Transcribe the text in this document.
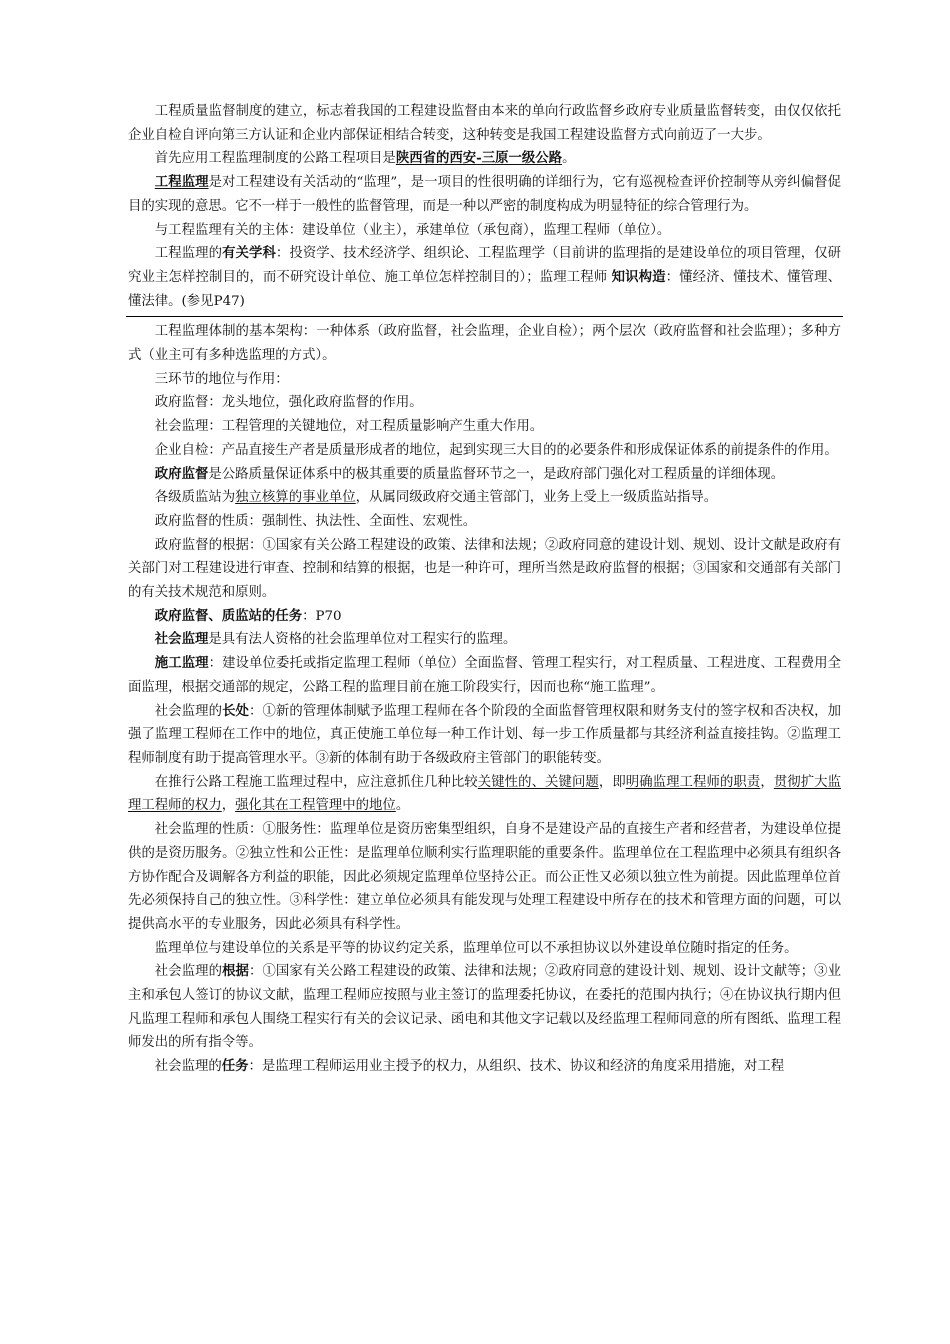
工程质量监督制度的建立，标志着我国的工程建设监督由本来的单向行政监督乡政府专业质量监督转变，由仅仅依托企业自检自评向第三方认证和企业内部保证相结合转变，这种转变是我国工程建设监督方式向前迈了一大步。

首先应用工程监理制度的公路工程项目是陕西省的西安-三原一级公路。

工程监理是对工程建设有关活动的“监理”，是一项目的性很明确的详细行为，它有巡视检查评价控制等从旁纠偏督促目的实现的意思。它不一样于一般性的监督管理，而是一种以严密的制度构成为明显特征的综合管理行为。

与工程监理有关的主体：建设单位（业主），承建单位（承包商），监理工程师（单位）。

工程监理的有关学科：投资学、技术经济学、组织论、工程监理学（目前讲的监理指的是建设单位的项目管理，仅研究业主怎样控制目的，而不研究设计单位、施工单位怎样控制目的）；监理工程师 知识构造：懂经济、懂技术、懂管理、懂法律。(参见P47)

工程监理体制的基本架构：一种体系（政府监督，社会监理，企业自检）；两个层次（政府监督和社会监理）；多种方式（业主可有多种选监理的方式）。

三环节的地位与作用：

政府监督：龙头地位，强化政府监督的作用。

社会监理：工程管理的关键地位，对工程质量影响产生重大作用。

企业自检：产品直接生产者是质量形成者的地位，起到实现三大目的的必要条件和形成保证体系的前提条件的作用。

政府监督是公路质量保证体系中的极其重要的质量监督环节之一，是政府部门强化对工程质量的详细体现。

各级质监站为独立核算的事业单位，从属同级政府交通主管部门，业务上受上一级质监站指导。

政府监督的性质：强制性、执法性、全面性、宏观性。

政府监督的根据：①国家有关公路工程建设的政策、法律和法规；②政府同意的建设计划、规划、设计文献是政府有关部门对工程建设进行审查、控制和结算的根据，也是一种许可，理所当然是政府监督的根据；③国家和交通部有关部门的有关技术规范和原则。

政府监督、质监站的任务：P70

社会监理是具有法人资格的社会监理单位对工程实行的监理。

施工监理：建设单位委托或指定监理工程师（单位）全面监督、管理工程实行，对工程质量、工程进度、工程费用全面监理，根据交通部的规定，公路工程的监理目前在施工阶段实行，因而也称“施工监理”。

社会监理的长处：①新的管理体制赋予监理工程师在各个阶段的全面监督管理权限和财务支付的签字权和否决权，加强了监理工程师在工作中的地位，真正使施工单位每一种工作计划、每一步工作质量都与其经济利益直接挂钩。②监理工程师制度有助于提高管理水平。③新的体制有助于各级政府主管部门的职能转变。

在推行公路工程施工监理过程中，应注意抓住几种比较关键性的、关键问题，即明确监理工程师的职责，贯彻扩大监理工程师的权力，强化其在工程管理中的地位。

社会监理的性质：①服务性：监理单位是资历密集型组织，自身不是建设产品的直接生产者和经营者，为建设单位提供的是资历服务。②独立性和公正性：是监理单位顺利实行监理职能的重要条件。监理单位在工程监理中必须具有组织各方协作配合及调解各方利益的职能，因此必须规定监理单位坚持公正。而公正性又必须以独立性为前提。因此监理单位首先必须保持自己的独立性。③科学性：建立单位必须具有能发现与处理工程建设中所存在的技术和管理方面的问题，可以提供高水平的专业服务，因此必须具有科学性。

监理单位与建设单位的关系是平等的协议约定关系，监理单位可以不承担协议以外建设单位随时指定的任务。

社会监理的根据：①国家有关公路工程建设的政策、法律和法规；②政府同意的建设计划、规划、设计文献等；③业主和承包人签订的协议文献，监理工程师应按照与业主签订的监理委托协议，在委托的范围内执行；④在协议执行期内但凡监理工程师和承包人围绕工程实行有关的会议记录、函电和其他文字记载以及经监理工程师同意的所有图纸、监理工程师发出的所有指令等。

社会监理的任务：是监理工程师运用业主授予的权力，从组织、技术、协议和经济的角度采用措施，对工程
